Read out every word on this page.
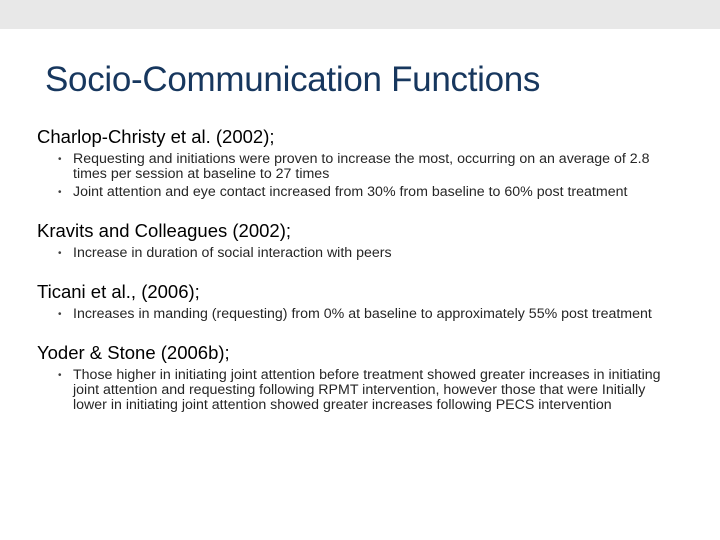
Socio-Communication Functions
Charlop-Christy et al. (2002);
• Requesting and initiations were proven to increase the most, occurring on an average of 2.8 times per session at baseline to 27 times
• Joint attention and eye contact increased from 30% from baseline to 60% post treatment
Kravits and Colleagues (2002);
• Increase in duration of social interaction with peers
Ticani et al., (2006);
• Increases in manding (requesting) from 0% at baseline to approximately 55% post treatment
Yoder & Stone (2006b);
• Those higher in initiating joint attention before treatment showed greater increases in initiating joint attention and requesting following RPMT intervention, however those that were Initially lower in initiating joint attention showed greater increases following PECS intervention
